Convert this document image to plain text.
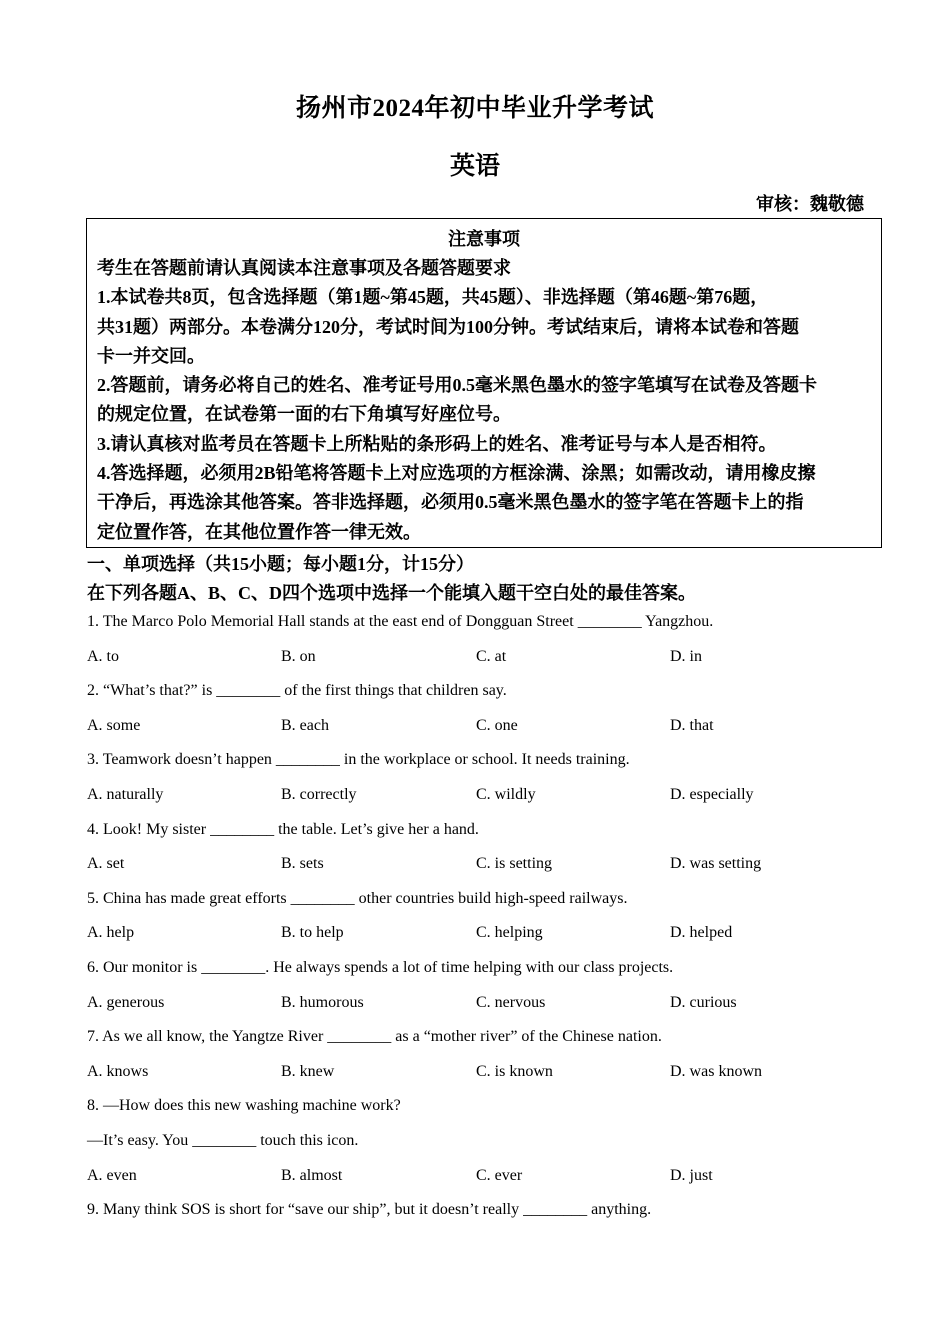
扬州市2024年初中毕业升学考试
英语
审核：魏敬德
注意事项
考生在答题前请认真阅读本注意事项及各题答题要求
1.本试卷共8页，包含选择题（第1题~第45题，共45题）、非选择题（第46题~第76题，
共31题）两部分。本卷满分120分，考试时间为100分钟。考试结束后，请将本试卷和答题
卡一并交回。
2.答题前，请务必将自己的姓名、准考证号用0.5毫米黑色墨水的签字笔填写在试卷及答题卡
的规定位置，在试卷第一面的右下角填写好座位号。
3.请认真核对监考员在答题卡上所粘贴的条形码上的姓名、准考证号与本人是否相符。
4.答选择题，必须用2B铅笔将答题卡上对应选项的方框涂满、涂黑；如需改动，请用橡皮擦
干净后，再选涂其他答案。答非选择题，必须用0.5毫米黑色墨水的签字笔在答题卡上的指
定位置作答，在其他位置作答一律无效。
一、单项选择（共15小题；每小题1分，计15分）
在下列各题A、B、C、D四个选项中选择一个能填入题干空白处的最佳答案。
1. The Marco Polo Memorial Hall stands at the east end of Dongguan Street ________ Yangzhou.
A. to	B. on	C. at	D. in
2. “What’s that?” is ________ of the first things that children say.
A. some	B. each	C. one	D. that
3. Teamwork doesn’t happen ________ in the workplace or school. It needs training.
A. naturally	B. correctly	C. wildly	D. especially
4. Look! My sister ________ the table. Let’s give her a hand.
A. set	B. sets	C. is setting	D. was setting
5. China has made great efforts ________ other countries build high-speed railways.
A. help	B. to help	C. helping	D. helped
6. Our monitor is ________. He always spends a lot of time helping with our class projects.
A. generous	B. humorous	C. nervous	D. curious
7. As we all know, the Yangtze River ________ as a “mother river” of the Chinese nation.
A. knows	B. knew	C. is known	D. was known
8. —How does this new washing machine work?
—It’s easy. You ________ touch this icon.
A. even	B. almost	C. ever	D. just
9. Many think SOS is short for “save our ship”, but it doesn’t really ________ anything.
